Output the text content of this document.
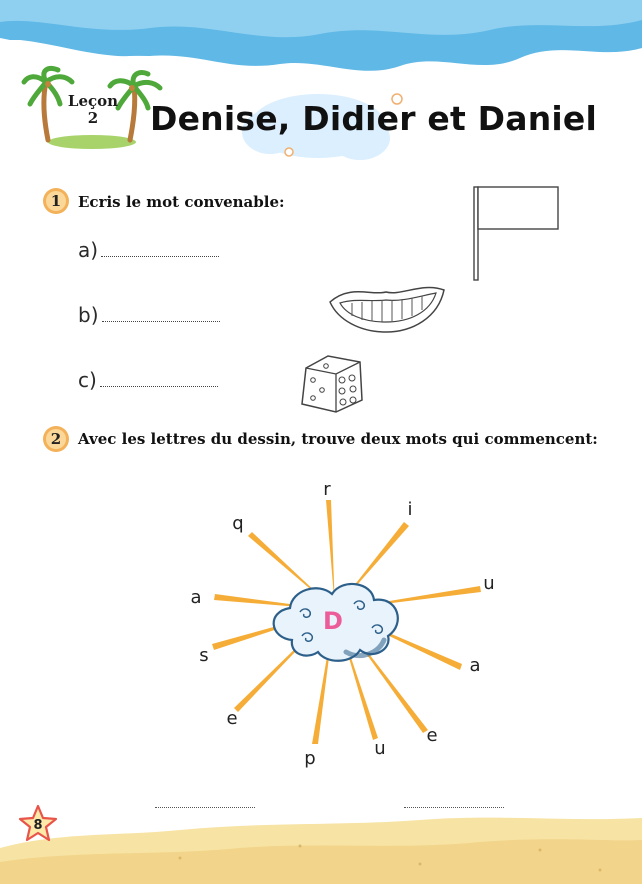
Leçon
2	Denise, Didier et Daniel
1	Ecris le mot convenable:
a)
b)
c)
2	Avec les lettres du dessin, trouve deux mots qui commencent:
r
i
u
a
e
u
p
e
s
a
q
D
8
